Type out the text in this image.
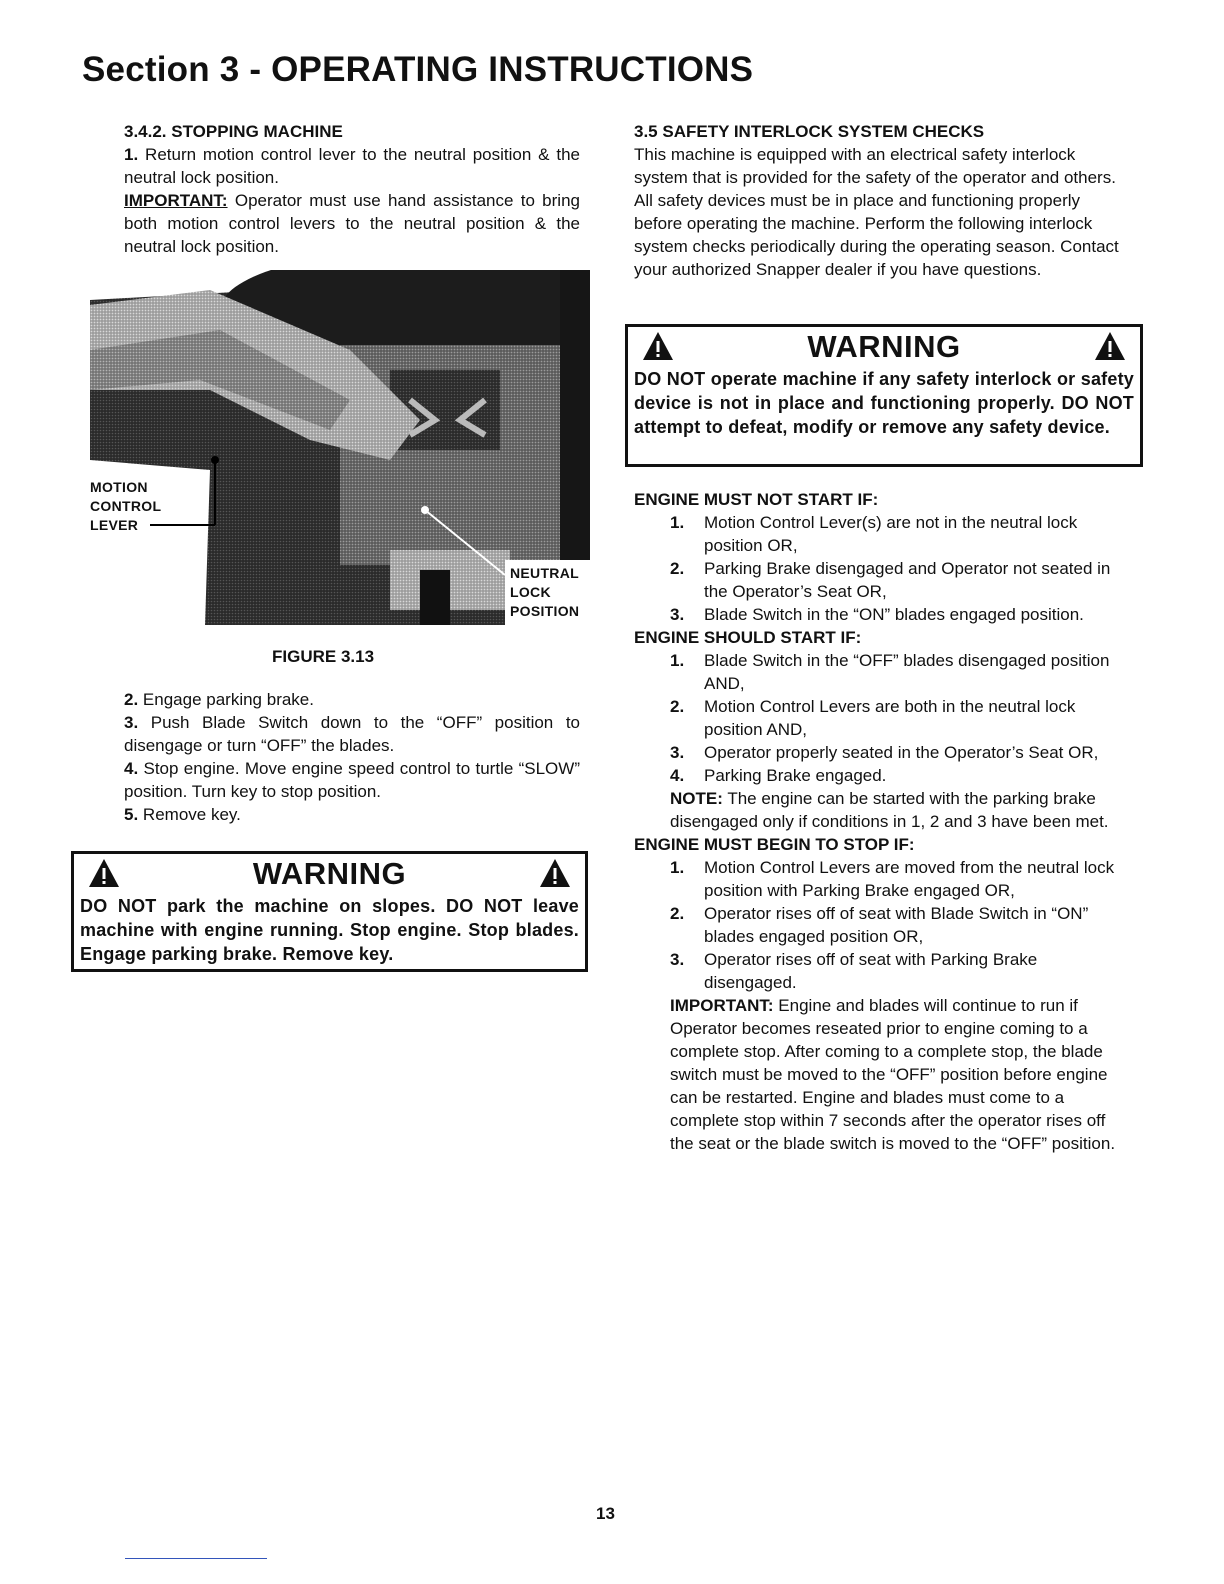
Section 3 - OPERATING INSTRUCTIONS
3.4.2. STOPPING MACHINE

1. Return motion control lever to the neutral position & the neutral lock position.

IMPORTANT: Operator must use hand assistance to bring both motion control levers to the neutral position & the neutral lock position.

MOTION
CONTROL
LEVER
NEUTRAL
LOCK
POSITION
FIGURE 3.13

2. Engage parking brake.

3. Push Blade Switch down to the “OFF” position to disengage or turn “OFF” the blades.

4. Stop engine. Move engine speed control to turtle “SLOW” position. Turn key to stop position.

5. Remove key.

WARNING
DO NOT park the machine on slopes. DO NOT leave machine with engine running. Stop engine. Stop blades. Engage parking brake. Remove key.
3.5 SAFETY INTERLOCK SYSTEM CHECKS

This machine is equipped with an electrical safety interlock system that is provided for the safety of the operator and others. All safety devices must be in place and functioning properly before operating the machine. Perform the following interlock system checks periodically during the operating season. Contact your authorized Snapper dealer if you have questions.

WARNING
DO NOT operate machine if any safety interlock or safety device is not in place and functioning properly. DO NOT attempt to defeat, modify or remove any safety device.
ENGINE MUST NOT START IF:
1. Motion Control Lever(s) are not in the neutral lock position OR,
2. Parking Brake disengaged and Operator not seated in the Operator’s Seat OR,
3. Blade Switch in the “ON” blades engaged position.
ENGINE SHOULD START IF:
1. Blade Switch in the “OFF” blades disengaged position AND,
2. Motion Control Levers are both in the neutral lock position AND,
3. Operator properly seated in the Operator’s Seat OR,
4. Parking Brake engaged.
NOTE: The engine can be started with the parking brake disengaged only if conditions in 1, 2 and 3 have been met.
ENGINE MUST BEGIN TO STOP IF:
1. Motion Control Levers are moved from the neutral lock position with Parking Brake engaged OR,
2. Operator rises off of seat with Blade Switch in “ON” blades engaged position OR,
3. Operator rises off of seat with Parking Brake disengaged.
IMPORTANT: Engine and blades will continue to run if Operator becomes reseated prior to engine coming to a complete stop. After coming to a complete stop, the blade switch must be moved to the “OFF” position before engine can be restarted. Engine and blades must come to a complete stop within 7 seconds after the operator rises off the seat or the blade switch is moved to the “OFF” position.
13
